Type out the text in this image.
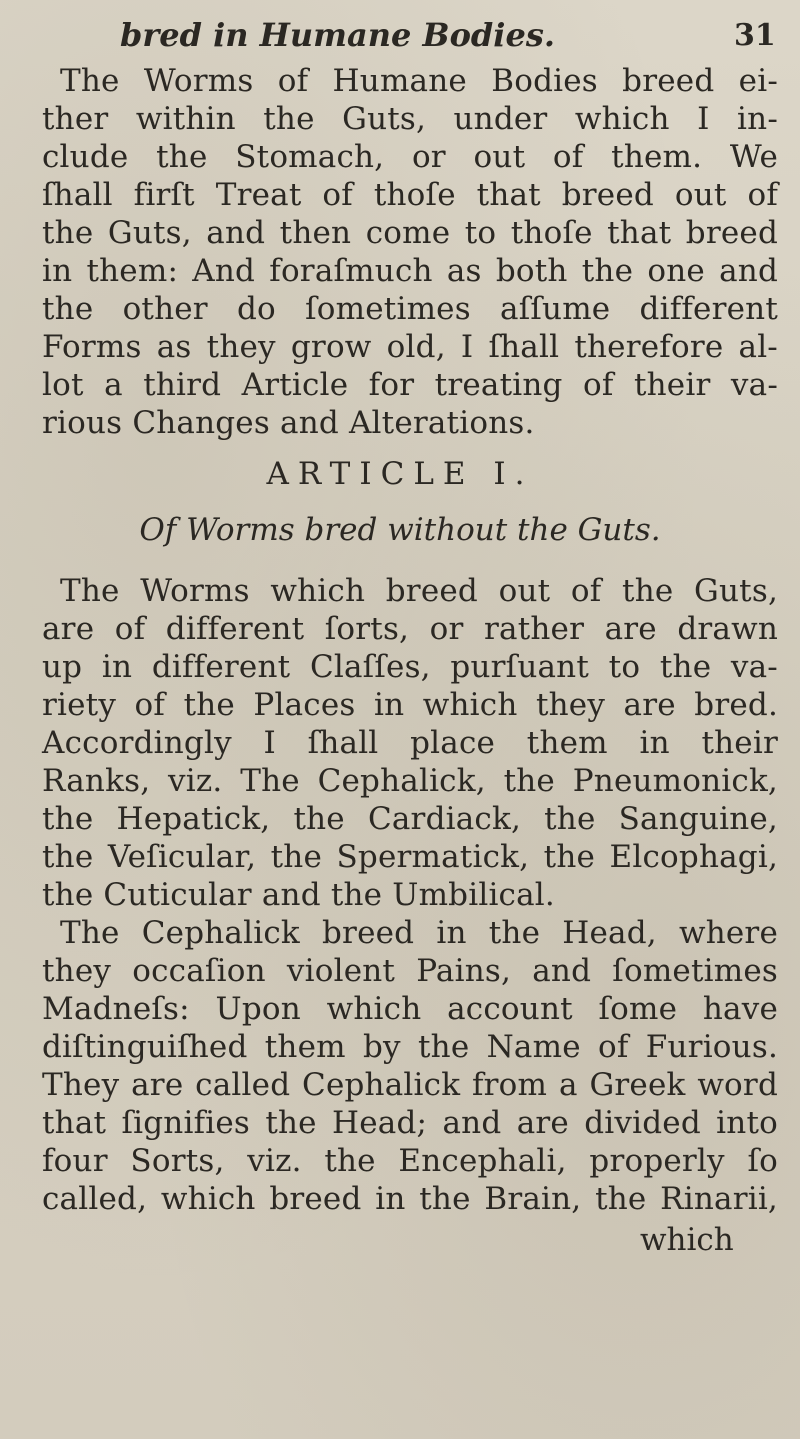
bred in Humane Bodies.	31
The Worms of Humane Bodies breed ei-
ther within the Guts, under which I in-
clude the Stomach, or out of them. We
ſhall firſt Treat of thoſe that breed out of
the Guts, and then come to thoſe that breed
in them: And foraſmuch as both the one and
the other do ſometimes aſſume different
Forms as they grow old, I ſhall therefore al-
lot a third Article for treating of their va-
rious Changes and Alterations.
ARTICLE I.
Of Worms bred without the Guts.
The Worms which breed out of the Guts,
are of different ſorts, or rather are drawn
up in different Claſſes, purſuant to the va-
riety of the Places in which they are bred.
Accordingly I ſhall place them in their
Ranks, viz. The Cephalick, the Pneumonick,
the Hepatick, the Cardiack, the Sanguine,
the Veſicular, the Spermatick, the Elcophagi,
the Cuticular and the Umbilical.
The Cephalick breed in the Head, where
they occaſion violent Pains, and ſometimes
Madneſs: Upon which account ſome have
diſtinguiſhed them by the Name of Furious.
They are called Cephalick from a Greek word
that ſignifies the Head; and are divided into
four Sorts, viz. the Encephali, properly ſo
called, which breed in the Brain, the Rinarii,
which
